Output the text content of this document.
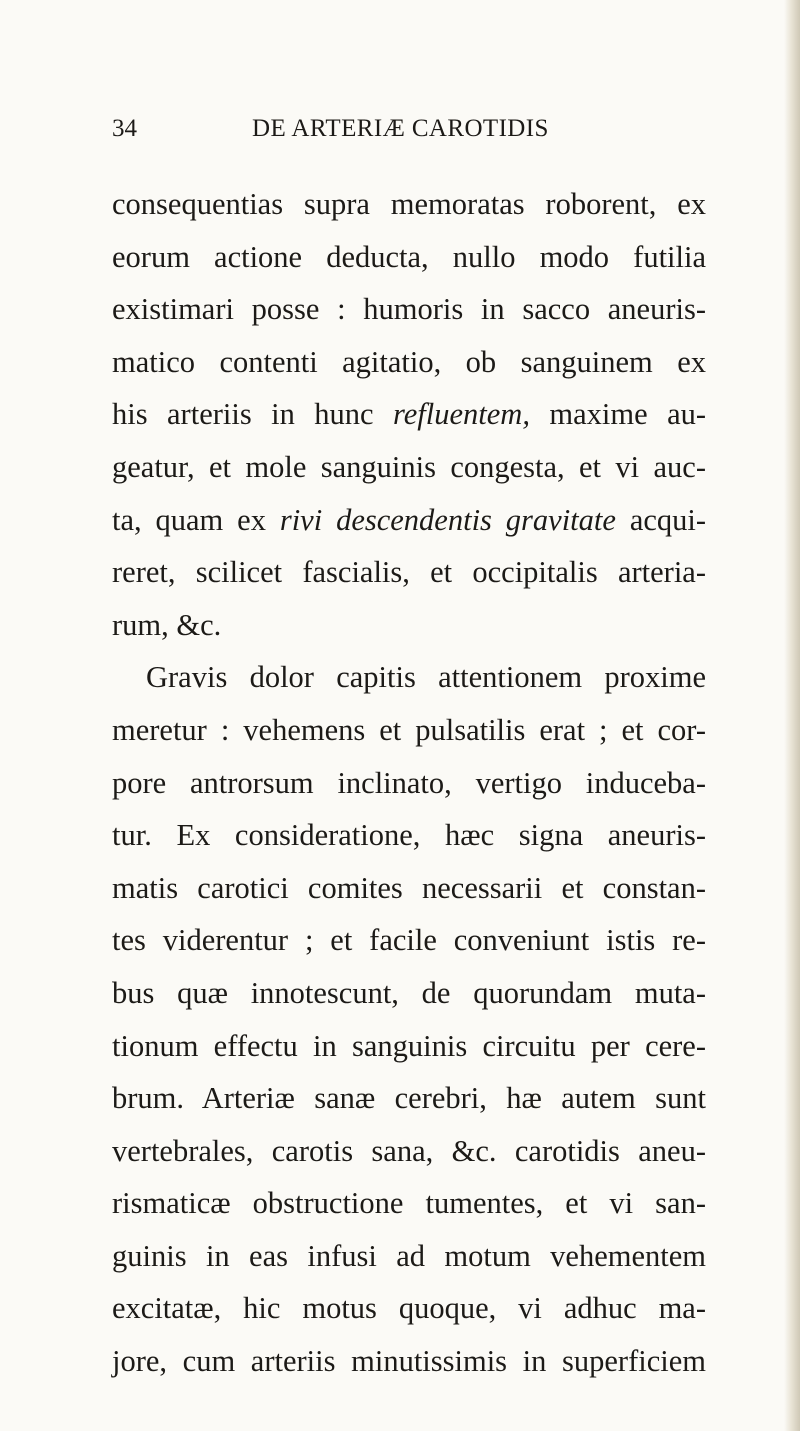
34	DE ARTERIÆ CAROTIDIS
consequentias supra memoratas roborent, ex
eorum actione deducta, nullo modo futilia
existimari posse : humoris in sacco aneuris-
matico contenti agitatio, ob sanguinem ex
his arteriis in hunc refluentem, maxime au-
geatur, et mole sanguinis congesta, et vi auc-
ta, quam ex rivi descendentis gravitate acqui-
reret, scilicet fascialis, et occipitalis arteria-
rum, &c.
Gravis dolor capitis attentionem proxime
meretur : vehemens et pulsatilis erat ; et cor-
pore antrorsum inclinato, vertigo induceba-
tur. Ex consideratione, hæc signa aneuris-
matis carotici comites necessarii et constan-
tes viderentur ; et facile conveniunt istis re-
bus quæ innotescunt, de quorundam muta-
tionum effectu in sanguinis circuitu per cere-
brum. Arteriæ sanæ cerebri, hæ autem sunt
vertebrales, carotis sana, &c. carotidis aneu-
rismaticæ obstructione tumentes, et vi san-
guinis in eas infusi ad motum vehementem
excitatæ, hic motus quoque, vi adhuc ma-
jore, cum arteriis minutissimis in superficiem
